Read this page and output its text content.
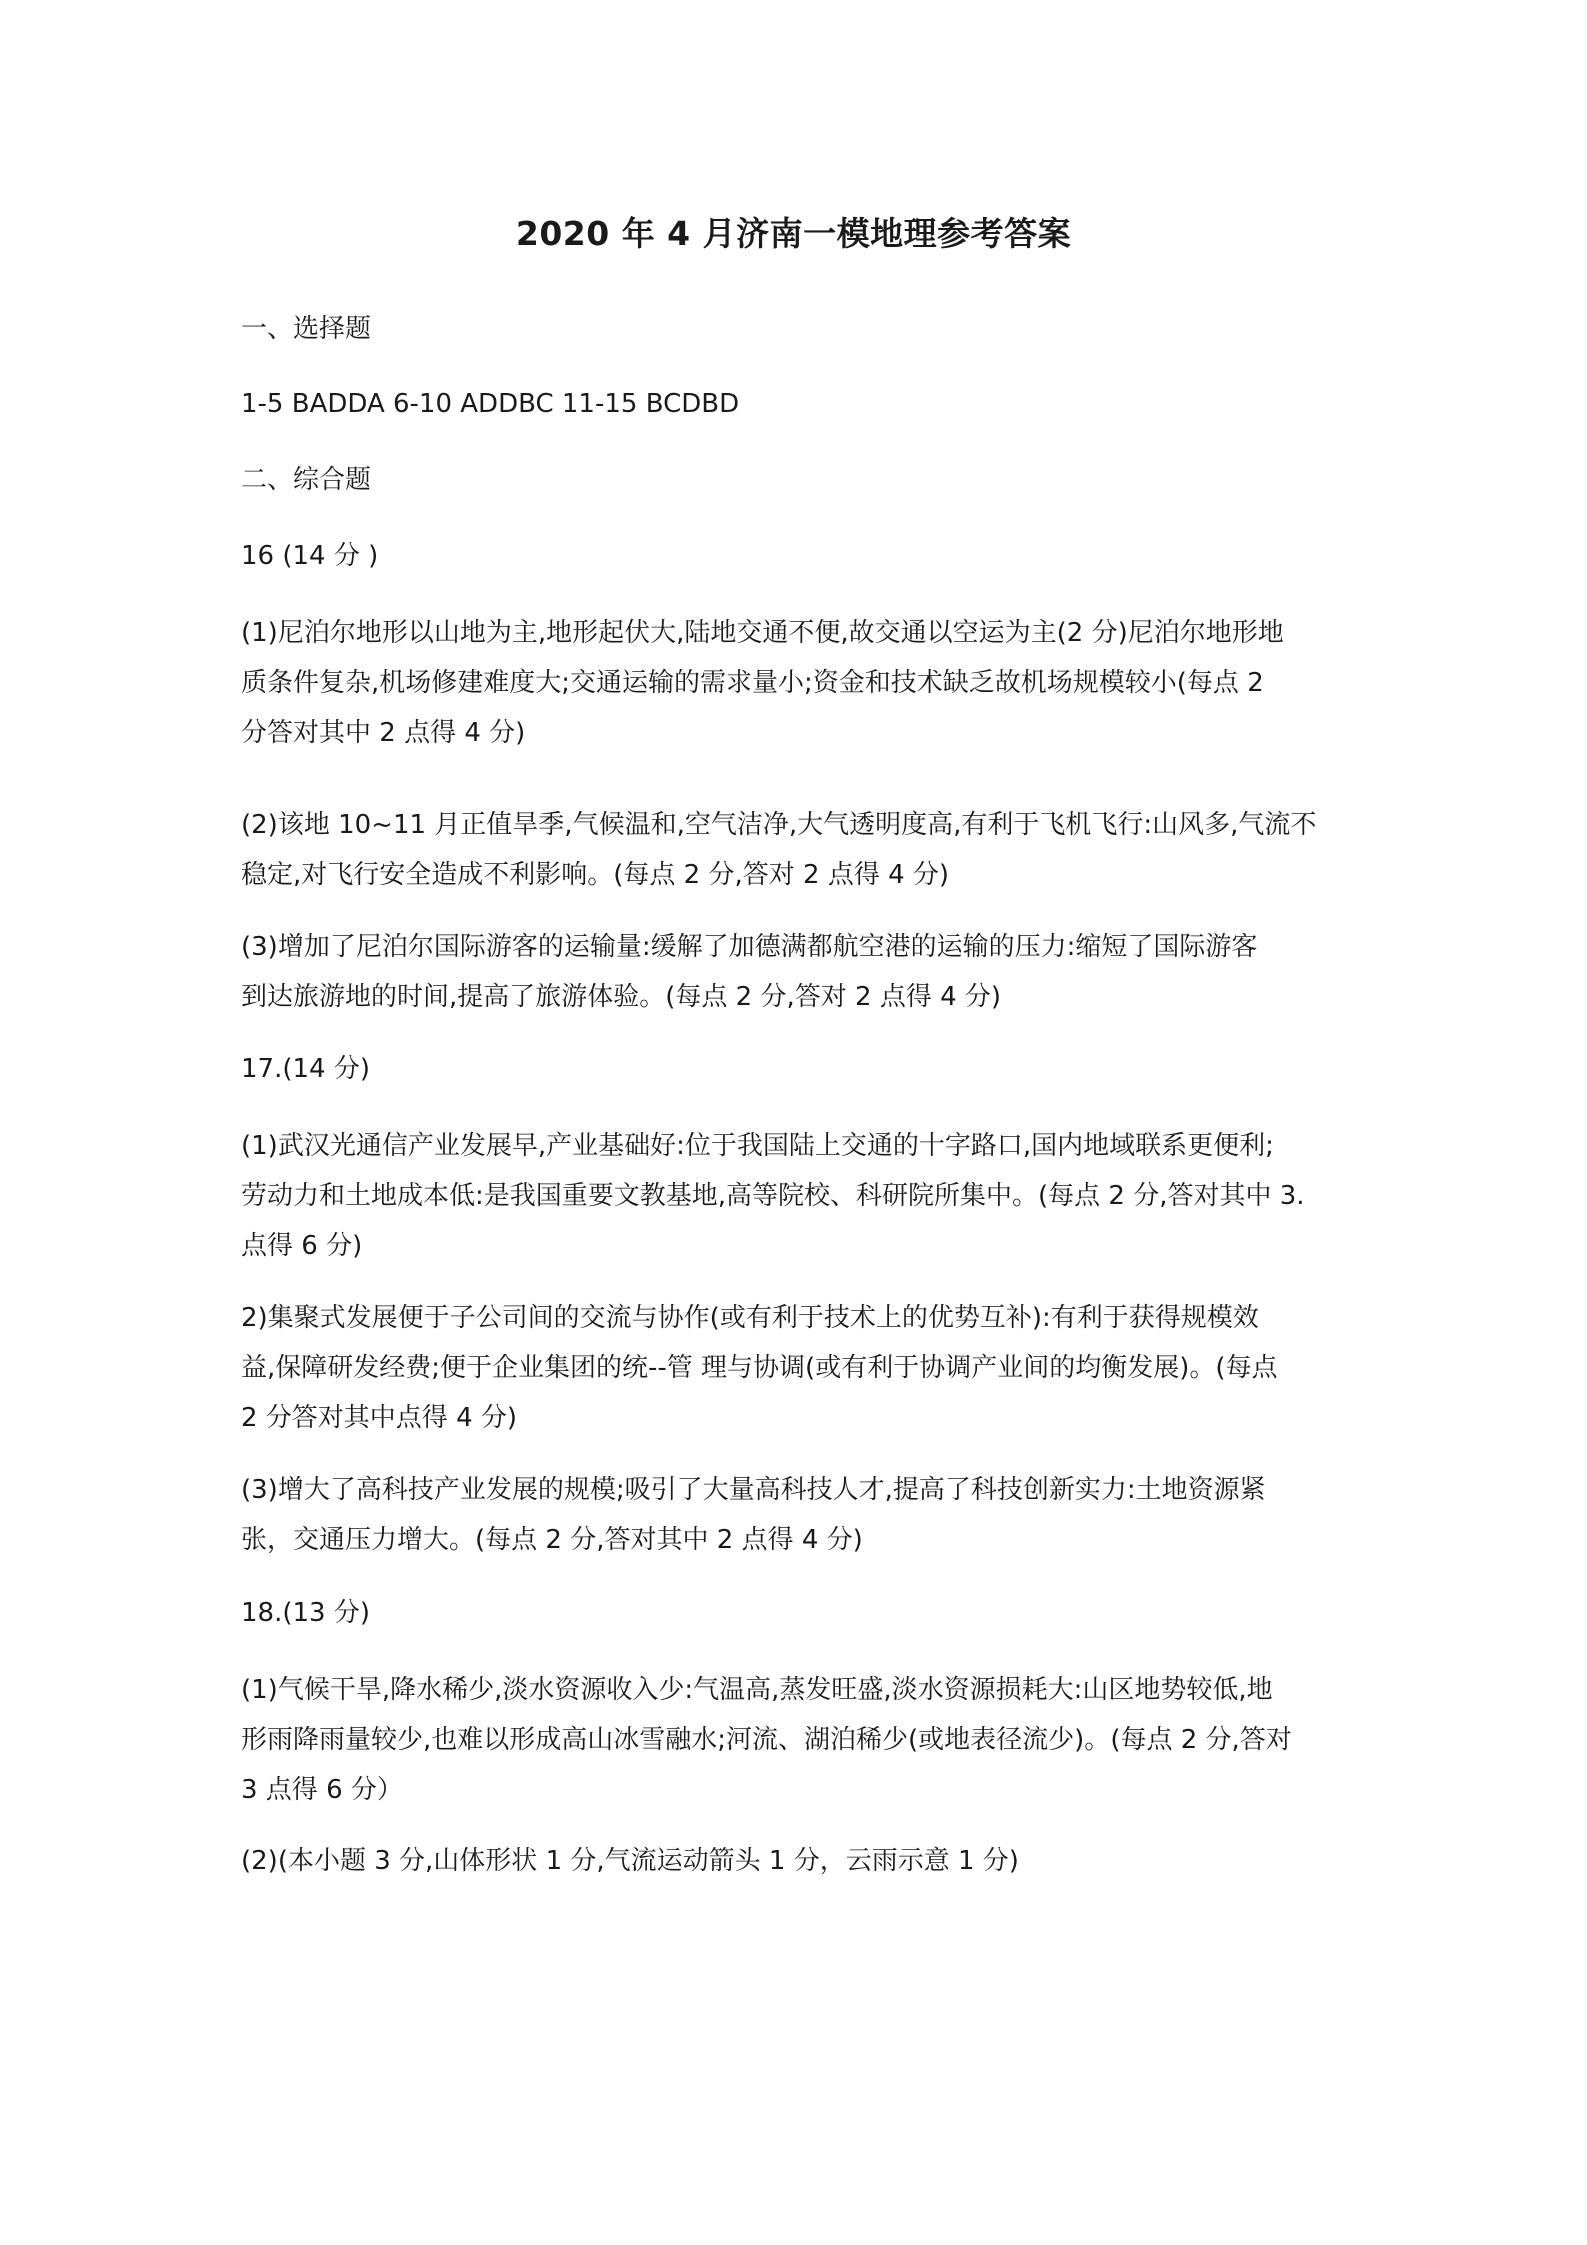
2020 年 4 月济南一模地理参考答案
一、选择题
1-5 BADDA 6-10 ADDBC 11-15 BCDBD
二、综合题
16 (14 分 )
(1)尼泊尔地形以山地为主,地形起伏大,陆地交通不便,故交通以空运为主(2 分)尼泊尔地形地
质条件复杂,机场修建难度大;交通运输的需求量小;资金和技术缺乏故机场规模较小(每点 2
分答对其中 2 点得 4 分)
(2)该地 10~11 月正值旱季,气候温和,空气洁净,大气透明度高,有利于飞机飞行:山风多,气流不
稳定,对飞行安全造成不利影响。(每点 2 分,答对 2 点得 4 分)
(3)增加了尼泊尔国际游客的运输量:缓解了加德满都航空港的运输的压力:缩短了国际游客
到达旅游地的时间,提高了旅游体验。(每点 2 分,答对 2 点得 4 分)
17.(14 分)
(1)武汉光通信产业发展早,产业基础好:位于我国陆上交通的十字路口,国内地域联系更便利;
劳动力和土地成本低:是我国重要文教基地,高等院校、科研院所集中。(每点 2 分,答对其中 3.
点得 6 分)
2)集聚式发展便于子公司间的交流与协作(或有利于技术上的优势互补):有利于获得规模效
益,保障研发经费;便于企业集团的统--管 理与协调(或有利于协调产业间的均衡发展)。(每点
2 分答对其中点得 4 分)
(3)增大了高科技产业发展的规模;吸引了大量高科技人才,提高了科技创新实力:土地资源紧
张，交通压力增大。(每点 2 分,答对其中 2 点得 4 分)
18.(13 分)
(1)气候干旱,降水稀少,淡水资源收入少:气温高,蒸发旺盛,淡水资源损耗大:山区地势较低,地
形雨降雨量较少,也难以形成高山冰雪融水;河流、湖泊稀少(或地表径流少)。(每点 2 分,答对
3 点得 6 分）
(2)(本小题 3 分,山体形状 1 分,气流运动箭头 1 分，云雨示意 1 分)
